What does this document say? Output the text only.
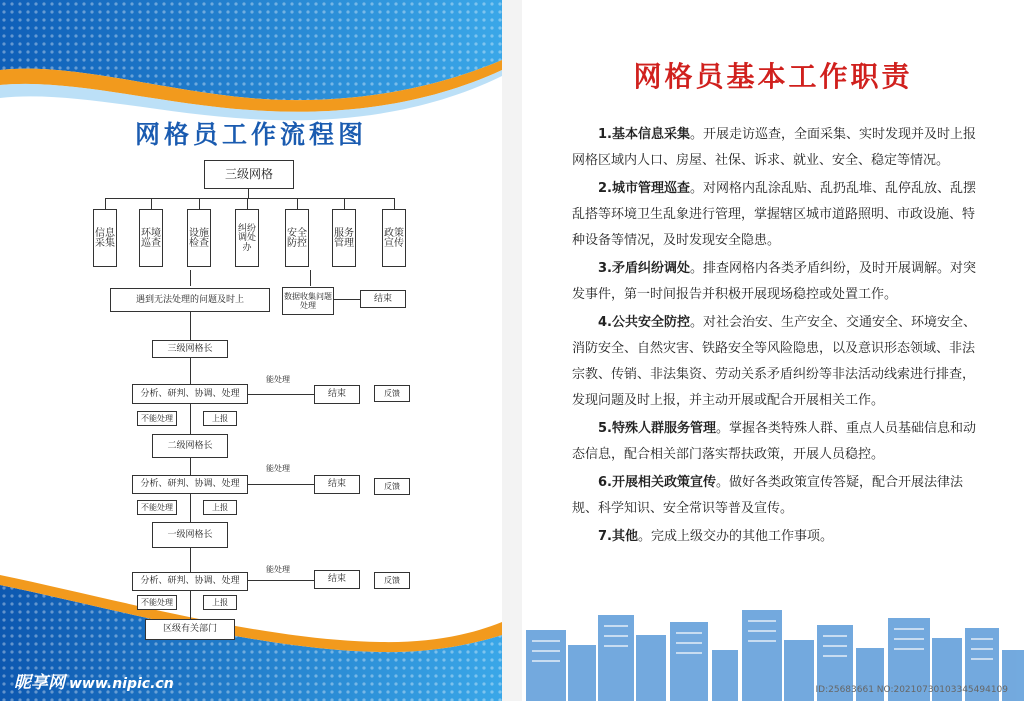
网格员工作流程图
三级网格
信息采集
环境巡查
设施检查
纠纷调处办
安全防控
服务管理
政策宣传
遇到无法处理的问题及时上	数据收集问题处理
结束
三级网格长
分析、研判、协调、处理
能处理
结束	反馈
不能处理	上报
二级网格长
分析、研判、协调、处理
能处理
结束	反馈
不能处理	上报
一级网格长
分析、研判、协调、处理
能处理
结束	反馈
不能处理	上报
区级有关部门
昵享网 www.nipic.cn
网格员基本工作职责

1.基本信息采集。开展走访巡查，全面采集、实时发现并及时上报网格区域内人口、房屋、社保、诉求、就业、安全、稳定等情况。

2.城市管理巡查。对网格内乱涂乱贴、乱扔乱堆、乱停乱放、乱摆乱搭等环境卫生乱象进行管理，掌握辖区城市道路照明、市政设施、特种设备等情况，及时发现安全隐患。

3.矛盾纠纷调处。排查网格内各类矛盾纠纷，及时开展调解。对突发事件，第一时间报告并积极开展现场稳控或处置工作。

4.公共安全防控。对社会治安、生产安全、交通安全、环境安全、消防安全、自然灾害、铁路安全等风险隐患，以及意识形态领域、非法宗教、传销、非法集资、劳动关系矛盾纠纷等非法活动线索进行排查，发现问题及时上报，并主动开展或配合开展相关工作。

5.特殊人群服务管理。掌握各类特殊人群、重点人员基础信息和动态信息，配合相关部门落实帮扶政策，开展人员稳控。

6.开展相关政策宣传。做好各类政策宣传答疑，配合开展法律法规、科学知识、安全常识等普及宣传。

7.其他。完成上级交办的其他工作事项。

ID:25683661 NO:20210730103345494109
